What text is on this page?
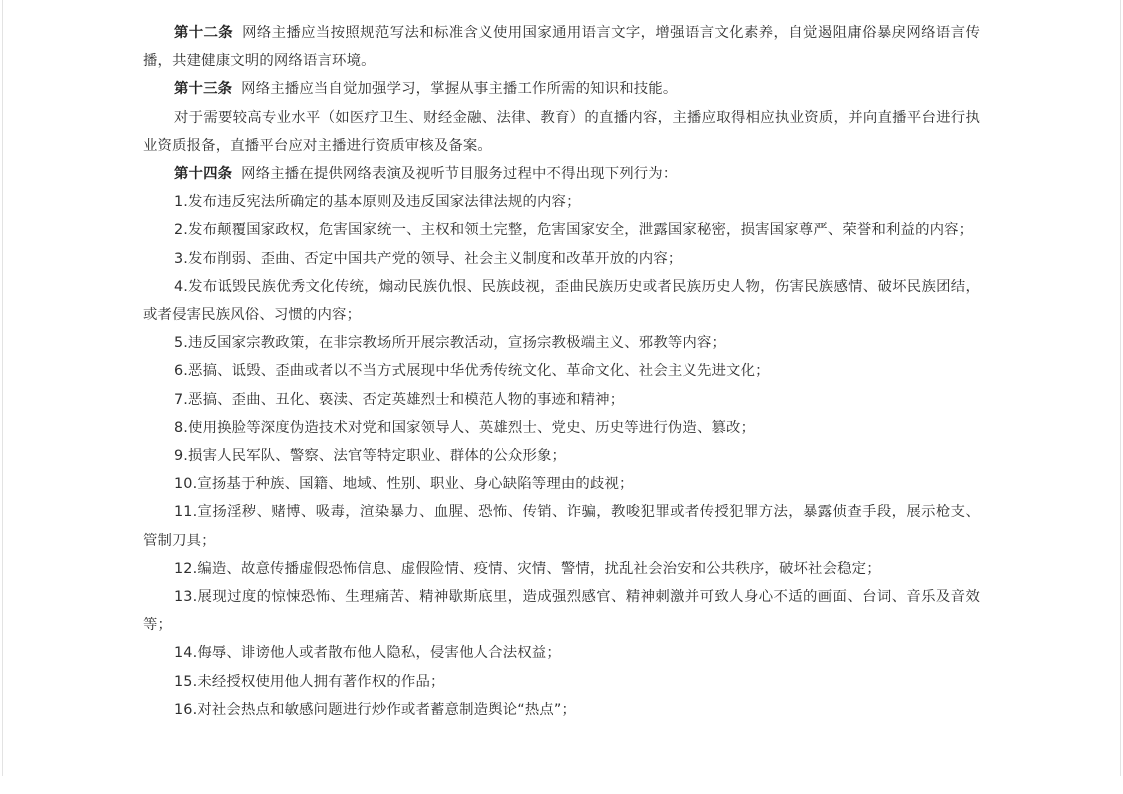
第十二条 网络主播应当按照规范写法和标准含义使用国家通用语言文字，增强语言文化素养，自觉遏阻庸俗暴戾网络语言传播，共建健康文明的网络语言环境。

第十三条 网络主播应当自觉加强学习，掌握从事主播工作所需的知识和技能。

对于需要较高专业水平（如医疗卫生、财经金融、法律、教育）的直播内容，主播应取得相应执业资质，并向直播平台进行执业资质报备，直播平台应对主播进行资质审核及备案。

第十四条 网络主播在提供网络表演及视听节目服务过程中不得出现下列行为：

1.发布违反宪法所确定的基本原则及违反国家法律法规的内容；

2.发布颠覆国家政权，危害国家统一、主权和领土完整，危害国家安全，泄露国家秘密，损害国家尊严、荣誉和利益的内容；

3.发布削弱、歪曲、否定中国共产党的领导、社会主义制度和改革开放的内容；

4.发布诋毁民族优秀文化传统，煽动民族仇恨、民族歧视，歪曲民族历史或者民族历史人物，伤害民族感情、破坏民族团结，或者侵害民族风俗、习惯的内容；

5.违反国家宗教政策，在非宗教场所开展宗教活动，宣扬宗教极端主义、邪教等内容；

6.恶搞、诋毁、歪曲或者以不当方式展现中华优秀传统文化、革命文化、社会主义先进文化；

7.恶搞、歪曲、丑化、亵渎、否定英雄烈士和模范人物的事迹和精神；

8.使用换脸等深度伪造技术对党和国家领导人、英雄烈士、党史、历史等进行伪造、篡改；

9.损害人民军队、警察、法官等特定职业、群体的公众形象；

10.宣扬基于种族、国籍、地域、性别、职业、身心缺陷等理由的歧视；

11.宣扬淫秽、赌博、吸毒，渲染暴力、血腥、恐怖、传销、诈骗，教唆犯罪或者传授犯罪方法，暴露侦查手段，展示枪支、管制刀具；

12.编造、故意传播虚假恐怖信息、虚假险情、疫情、灾情、警情，扰乱社会治安和公共秩序，破坏社会稳定；

13.展现过度的惊悚恐怖、生理痛苦、精神歇斯底里，造成强烈感官、精神刺激并可致人身心不适的画面、台词、音乐及音效等；

14.侮辱、诽谤他人或者散布他人隐私，侵害他人合法权益；

15.未经授权使用他人拥有著作权的作品；

16.对社会热点和敏感问题进行炒作或者蓄意制造舆论“热点”；
